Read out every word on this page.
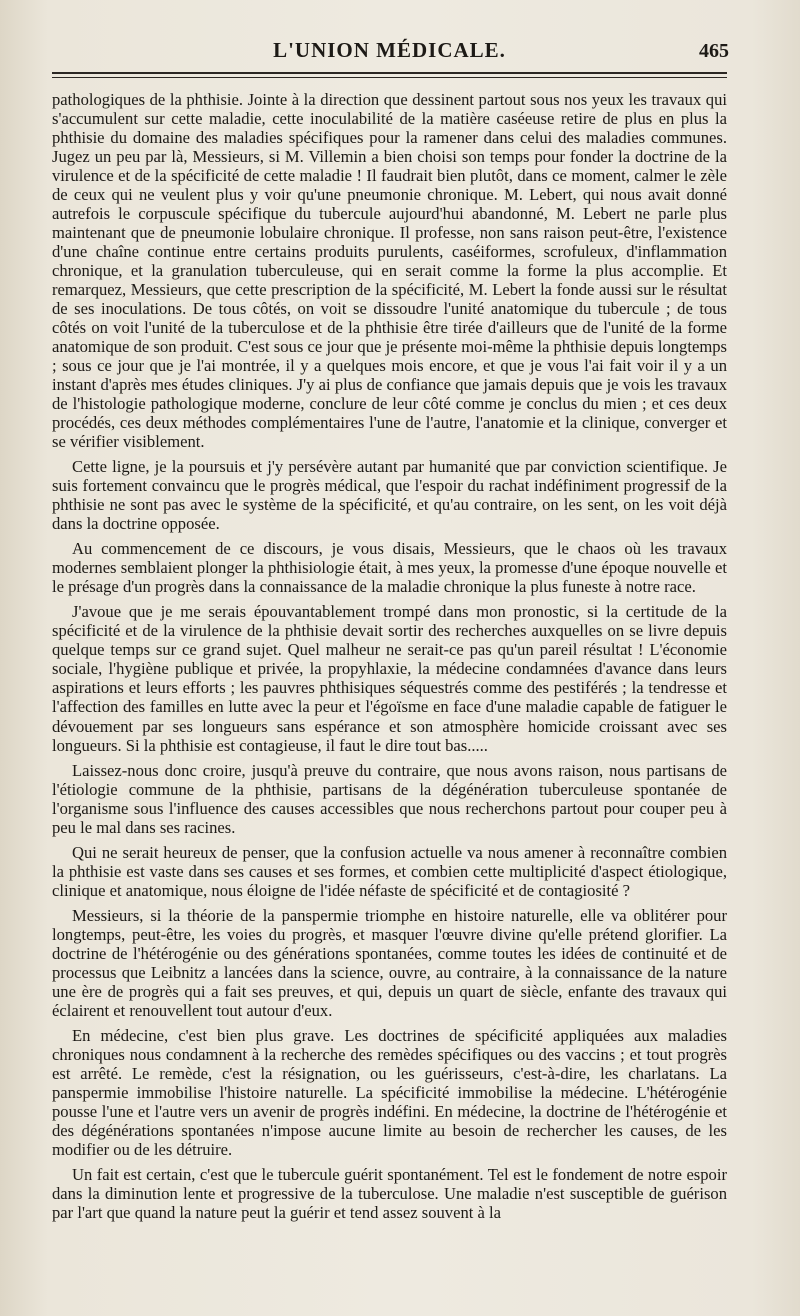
L'UNION MÉDICALE.	465

pathologiques de la phthisie. Jointe à la direction que dessinent partout sous nos yeux les travaux qui s'accumulent sur cette maladie, cette inoculabilité de la matière caséeuse retire de plus en plus la phthisie du domaine des maladies spécifiques pour la ramener dans celui des maladies communes. Jugez un peu par là, Messieurs, si M. Villemin a bien choisi son temps pour fonder la doctrine de la virulence et de la spécificité de cette maladie ! Il faudrait bien plutôt, dans ce moment, calmer le zèle de ceux qui ne veulent plus y voir qu'une pneumonie chronique. M. Lebert, qui nous avait donné autrefois le corpuscule spécifique du tubercule aujourd'hui abandonné, M. Lebert ne parle plus maintenant que de pneumonie lobulaire chronique. Il professe, non sans raison peut-être, l'existence d'une chaîne continue entre certains produits purulents, caséiformes, scrofuleux, d'inflammation chronique, et la granulation tuberculeuse, qui en serait comme la forme la plus accomplie. Et remarquez, Messieurs, que cette prescription de la spécificité, M. Lebert la fonde aussi sur le résultat de ses inoculations. De tous côtés, on voit se dissoudre l'unité anatomique du tubercule ; de tous côtés on voit l'unité de la tuberculose et de la phthisie être tirée d'ailleurs que de l'unité de la forme anatomique de son produit. C'est sous ce jour que je présente moi-même la phthisie depuis longtemps ; sous ce jour que je l'ai montrée, il y a quelques mois encore, et que je vous l'ai fait voir il y a un instant d'après mes études cliniques. J'y ai plus de confiance que jamais depuis que je vois les travaux de l'histologie pathologique moderne, conclure de leur côté comme je conclus du mien ; et ces deux procédés, ces deux méthodes complémentaires l'une de l'autre, l'anatomie et la clinique, converger et se vérifier visiblement.

Cette ligne, je la poursuis et j'y persévère autant par humanité que par conviction scientifique. Je suis fortement convaincu que le progrès médical, que l'espoir du rachat indéfiniment progressif de la phthisie ne sont pas avec le système de la spécificité, et qu'au contraire, on les sent, on les voit déjà dans la doctrine opposée.

Au commencement de ce discours, je vous disais, Messieurs, que le chaos où les travaux modernes semblaient plonger la phthisiologie était, à mes yeux, la promesse d'une époque nouvelle et le présage d'un progrès dans la connaissance de la maladie chronique la plus funeste à notre race.

J'avoue que je me serais épouvantablement trompé dans mon pronostic, si la certitude de la spécificité et de la virulence de la phthisie devait sortir des recherches auxquelles on se livre depuis quelque temps sur ce grand sujet. Quel malheur ne serait-ce pas qu'un pareil résultat ! L'économie sociale, l'hygiène publique et privée, la propyhlaxie, la médecine condamnées d'avance dans leurs aspirations et leurs efforts ; les pauvres phthisiques séquestrés comme des pestiférés ; la tendresse et l'affection des familles en lutte avec la peur et l'égoïsme en face d'une maladie capable de fatiguer le dévouement par ses longueurs sans espérance et son atmosphère homicide croissant avec ses longueurs. Si la phthisie est contagieuse, il faut le dire tout bas.....

Laissez-nous donc croire, jusqu'à preuve du contraire, que nous avons raison, nous partisans de l'étiologie commune de la phthisie, partisans de la dégénération tuberculeuse spontanée de l'organisme sous l'influence des causes accessibles que nous recherchons partout pour couper peu à peu le mal dans ses racines.

Qui ne serait heureux de penser, que la confusion actuelle va nous amener à reconnaître combien la phthisie est vaste dans ses causes et ses formes, et combien cette multiplicité d'aspect étiologique, clinique et anatomique, nous éloigne de l'idée néfaste de spécificité et de contagiosité ?

Messieurs, si la théorie de la panspermie triomphe en histoire naturelle, elle va oblitérer pour longtemps, peut-être, les voies du progrès, et masquer l'œuvre divine qu'elle prétend glorifier. La doctrine de l'hétérogénie ou des générations spontanées, comme toutes les idées de continuité et de processus que Leibnitz a lancées dans la science, ouvre, au contraire, à la connaissance de la nature une ère de progrès qui a fait ses preuves, et qui, depuis un quart de siècle, enfante des travaux qui éclairent et renouvellent tout autour d'eux.

En médecine, c'est bien plus grave. Les doctrines de spécificité appliquées aux maladies chroniques nous condamnent à la recherche des remèdes spécifiques ou des vaccins ; et tout progrès est arrêté. Le remède, c'est la résignation, ou les guérisseurs, c'est-à-dire, les charlatans. La panspermie immobilise l'histoire naturelle. La spécificité immobilise la médecine. L'hétérogénie pousse l'une et l'autre vers un avenir de progrès indéfini. En médecine, la doctrine de l'hétérogénie et des dégénérations spontanées n'impose aucune limite au besoin de rechercher les causes, de les modifier ou de les détruire.

Un fait est certain, c'est que le tubercule guérit spontanément. Tel est le fondement de notre espoir dans la diminution lente et progressive de la tuberculose. Une maladie n'est susceptible de guérison par l'art que quand la nature peut la guérir et tend assez souvent à la
